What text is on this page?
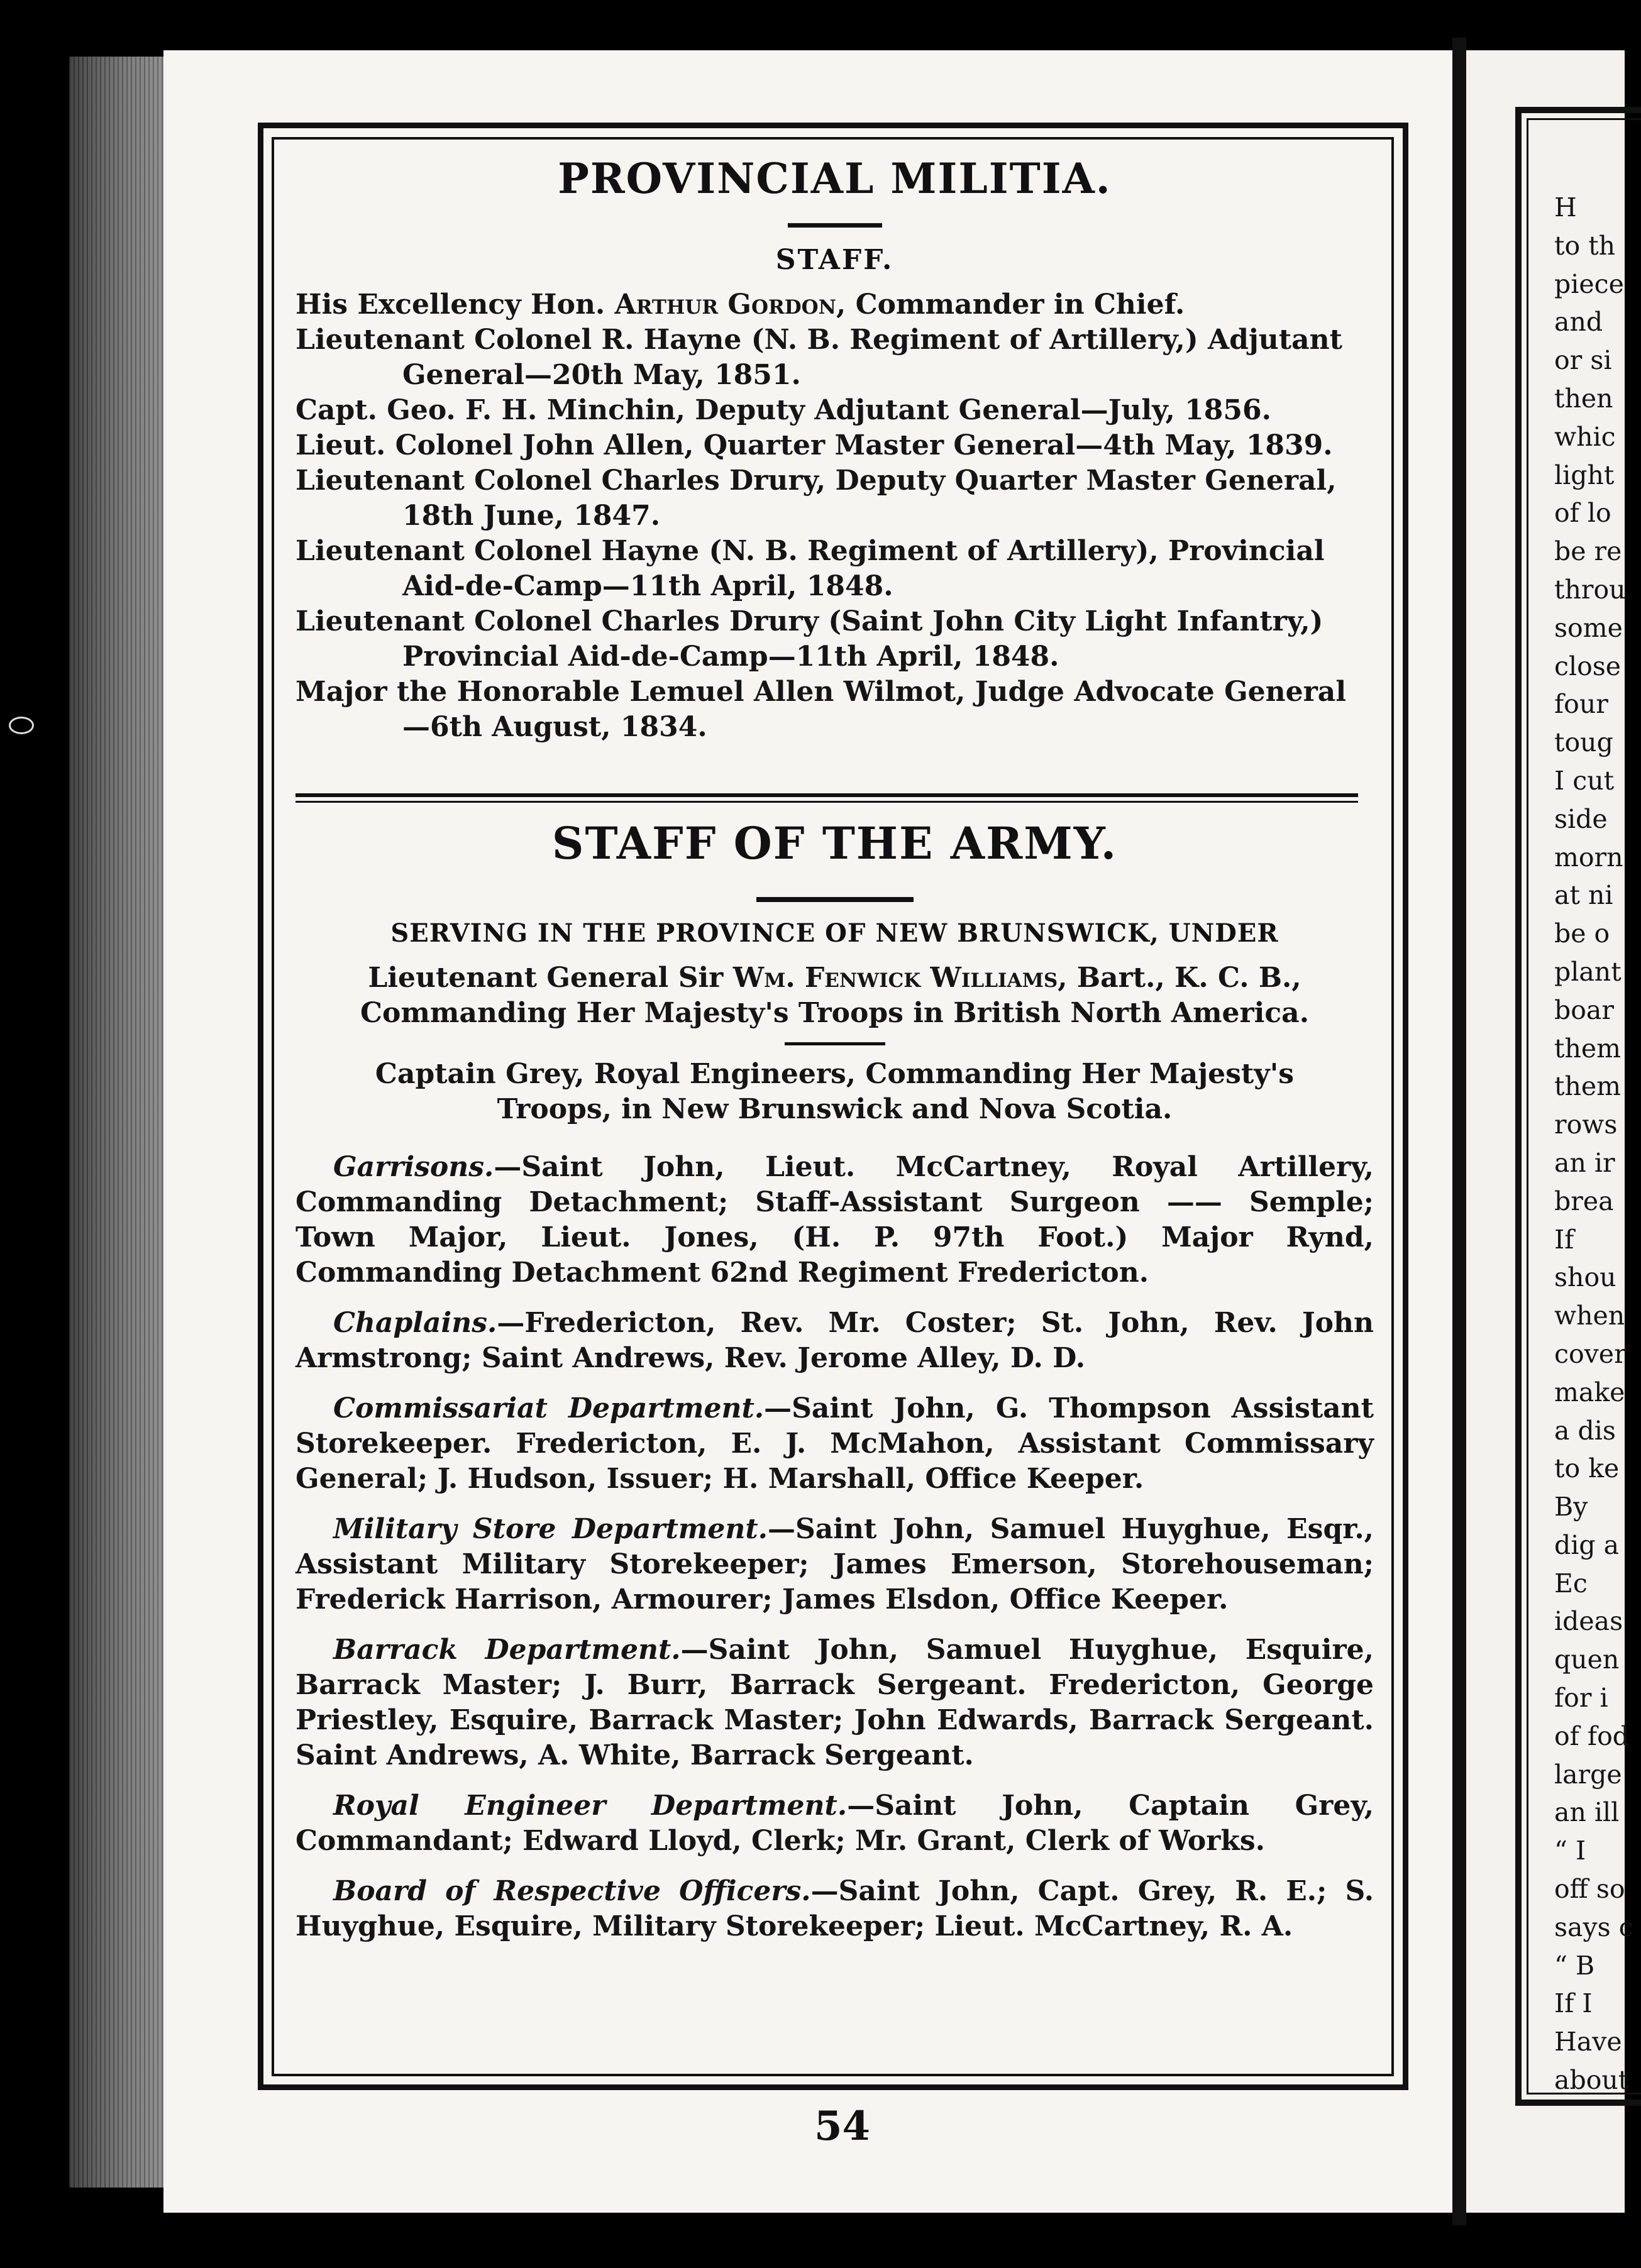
H
to th
piece
and
or si
then
whic
light
of lo
be re
throu
some
close
four
toug
I cut
side
morn
at ni
be o
plant
boar
them
them
rows
an ir
brea
If
shou
when
cover
make
a dis
to ke
By
dig a
Ec
ideas
quen
for i
of fod
large
an ill
“ I
off so
says c
“ B
If I
Have
about
PROVINCIAL MILITIA.
STAFF.
His Excellency Hon. Arthur Gordon, Commander in Chief.
Lieutenant Colonel R. Hayne (N. B. Regiment of Artillery,) Adjutant General—20th May, 1851.
Capt. Geo. F. H. Minchin, Deputy Adjutant General—July, 1856.
Lieut. Colonel John Allen, Quarter Master General—4th May, 1839.
Lieutenant Colonel Charles Drury, Deputy Quarter Master General, 18th June, 1847.
Lieutenant Colonel Hayne (N. B. Regiment of Artillery), Provincial Aid-de-Camp—11th April, 1848.
Lieutenant Colonel Charles Drury (Saint John City Light Infantry,) Provincial Aid-de-Camp—11th April, 1848.
Major the Honorable Lemuel Allen Wilmot, Judge Advocate General—6th August, 1834.
STAFF OF THE ARMY.
SERVING IN THE PROVINCE OF NEW BRUNSWICK, UNDER
Lieutenant General Sir Wm. Fenwick Williams, Bart., K. C. B., Commanding Her Majesty's Troops in British North America.
Captain Grey, Royal Engineers, Commanding Her Majesty's Troops, in New Brunswick and Nova Scotia.
Garrisons.—Saint John, Lieut. McCartney, Royal Artillery, Commanding Detachment; Staff-Assistant Surgeon —— Semple; Town Major, Lieut. Jones, (H. P. 97th Foot.) Major Rynd, Commanding Detachment 62nd Regiment Fredericton.
Chaplains.—Fredericton, Rev. Mr. Coster; St. John, Rev. John Armstrong; Saint Andrews, Rev. Jerome Alley, D. D.
Commissariat Department.—Saint John, G. Thompson Assistant Storekeeper. Fredericton, E. J. McMahon, Assistant Commissary General; J. Hudson, Issuer; H. Marshall, Office Keeper.
Military Store Department.—Saint John, Samuel Huyghue, Esqr., Assistant Military Storekeeper; James Emerson, Storehouseman; Frederick Harrison, Armourer; James Elsdon, Office Keeper.
Barrack Department.—Saint John, Samuel Huyghue, Esquire, Barrack Master; J. Burr, Barrack Sergeant. Fredericton, George Priestley, Esquire, Barrack Master; John Edwards, Barrack Sergeant. Saint Andrews, A. White, Barrack Sergeant.
Royal Engineer Department.—Saint John, Captain Grey, Commandant; Edward Lloyd, Clerk; Mr. Grant, Clerk of Works.
Board of Respective Officers.—Saint John, Capt. Grey, R. E.; S. Huyghue, Esquire, Military Storekeeper; Lieut. McCartney, R. A.
54
